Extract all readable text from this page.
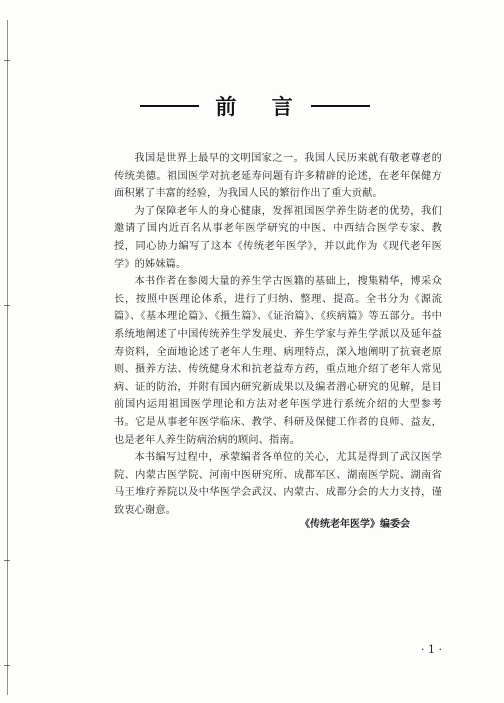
前 言

我国是世界上最早的文明国家之一。我国人民历来就有敬老尊老的传统美德。祖国医学对抗老延寿问题有许多精辟的论述，在老年保健方面积累了丰富的经验，为我国人民的繁衍作出了重大贡献。

为了保障老年人的身心健康，发挥祖国医学养生防老的优势，我们邀请了国内近百名从事老年医学研究的中医、中西结合医学专家、教授，同心协力编写了这本《传统老年医学》，并以此作为《现代老年医学》的姊妹篇。

本书作者在参阅大量的养生学古医籍的基础上，搜集精华，博采众长，按照中医理论体系，进行了归纳、整理、提高。全书分为《源流篇》、《基本理论篇》、《摄生篇》、《证治篇》、《疾病篇》等五部分。书中系统地阐述了中国传统养生学发展史、养生学家与养生学派以及延年益寿资料，全面地论述了老年人生理、病理特点，深入地阐明了抗衰老原则、摄养方法、传统健身术和抗老益寿方药，重点地介绍了老年人常见病、证的防治，并附有国内研究新成果以及编者潜心研究的见解，是目前国内运用祖国医学理论和方法对老年医学进行系统介绍的大型参考书。它是从事老年医学临床、教学、科研及保健工作者的良师、益友，也是老年人养生防病治病的顾问、指南。

本书编写过程中，承蒙编者各单位的关心，尤其是得到了武汉医学院、内蒙古医学院、河南中医研究所、成都军区、湖南医学院、湖南省马王堆疗养院以及中华医学会武汉、内蒙古、成都分会的大力支持，谨致衷心谢意。

《传统老年医学》编委会
· 1 ·
